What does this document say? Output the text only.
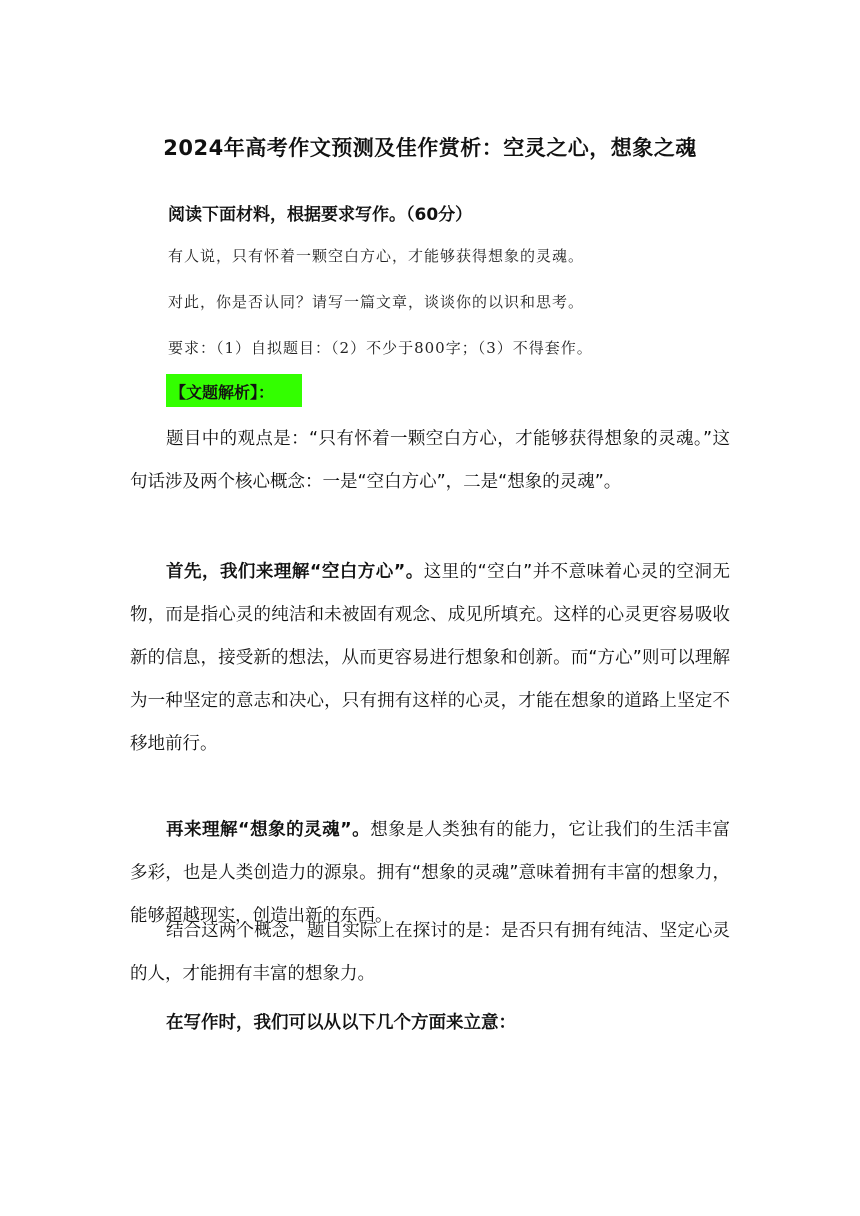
2024年高考作文预测及佳作赏析：空灵之心，想象之魂
阅读下面材料，根据要求写作。（60分）
有人说，只有怀着一颗空白方心，才能够获得想象的灵魂。
对此，你是否认同？请写一篇文章，谈谈你的以识和思考。
要求：（1）自拟题目：（2）不少于800字；（3）不得套作。
【文题解析】：
题目中的观点是：“只有怀着一颗空白方心，才能够获得想象的灵魂。”这句话涉及两个核心概念：一是“空白方心”，二是“想象的灵魂”。
首先，我们来理解“空白方心”。这里的“空白”并不意味着心灵的空洞无物，而是指心灵的纯洁和未被固有观念、成见所填充。这样的心灵更容易吸收新的信息，接受新的想法，从而更容易进行想象和创新。而“方心”则可以理解为一种坚定的意志和决心，只有拥有这样的心灵，才能在想象的道路上坚定不移地前行。
再来理解“想象的灵魂”。想象是人类独有的能力，它让我们的生活丰富多彩，也是人类创造力的源泉。拥有“想象的灵魂”意味着拥有丰富的想象力，能够超越现实，创造出新的东西。
结合这两个概念，题目实际上在探讨的是：是否只有拥有纯洁、坚定心灵的人，才能拥有丰富的想象力。
在写作时，我们可以从以下几个方面来立意：
